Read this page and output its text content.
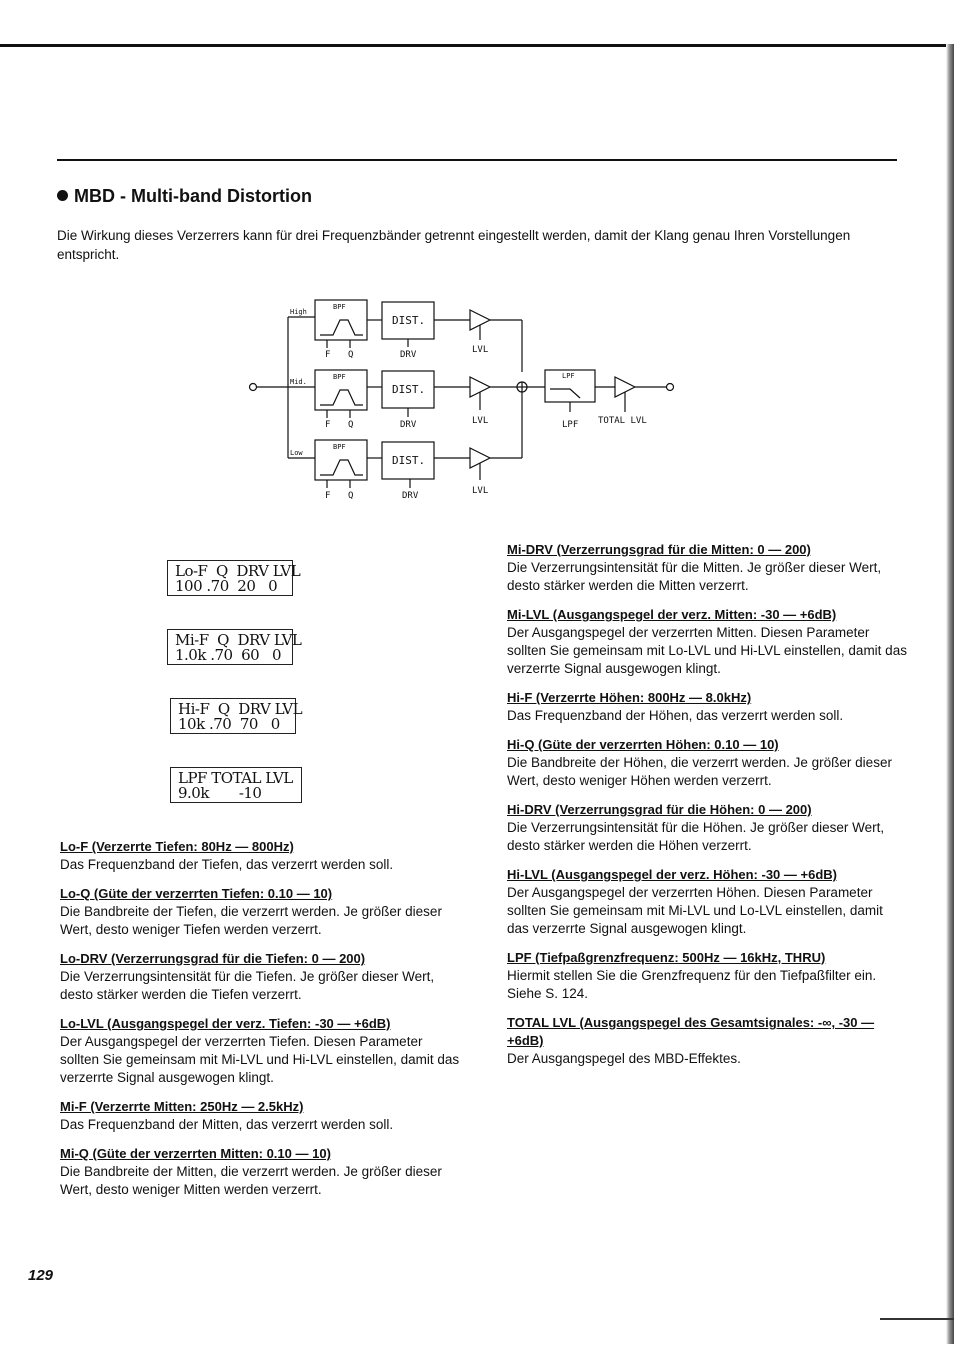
MBD - Multi-band Distortion
Die Wirkung dieses Verzerrers kann für drei Frequenzbänder getrennt eingestellt werden, damit der Klang genau Ihren Vorstellungen entspricht.
High
Mid.
Low
BPF
DIST.
F Q	DRV	LVL
BPF
DIST.
F Q	DRV	LVL
BPF
DIST.
F Q	DRV	LVL
LPF
LPF TOTAL LVL
Lo-F  Q  DRV LVL
100 .70  20   0
Mi-F  Q  DRV LVL
1.0k .70  60   0
Hi-F  Q  DRV LVL
10k .70  70   0
LPF TOTAL LVL
9.0k       -10
Lo-F (Verzerrte Tiefen: 80Hz — 800Hz)
Das Frequenzband der Tiefen, das verzerrt werden soll.
Lo-Q (Güte der verzerrten Tiefen: 0.10 — 10)
Die Bandbreite der Tiefen, die verzerrt werden. Je größer dieser Wert, desto weniger Tiefen werden verzerrt.
Lo-DRV (Verzerrungsgrad für die Tiefen: 0 — 200)
Die Verzerrungsintensität für die Tiefen. Je größer dieser Wert, desto stärker werden die Tiefen verzerrt.
Lo-LVL (Ausgangspegel der verz. Tiefen: -30 — +6dB)
Der Ausgangspegel der verzerrten Tiefen. Diesen Parameter sollten Sie gemeinsam mit Mi-LVL und Hi-LVL einstellen, damit das verzerrte Signal ausgewogen klingt.
Mi-F (Verzerrte Mitten: 250Hz — 2.5kHz)
Das Frequenzband der Mitten, das verzerrt werden soll.
Mi-Q (Güte der verzerrten Mitten: 0.10 — 10)
Die Bandbreite der Mitten, die verzerrt werden. Je größer dieser Wert, desto weniger Mitten werden verzerrt.
Mi-DRV (Verzerrungsgrad für die Mitten: 0 — 200)
Die Verzerrungsintensität für die Mitten. Je größer dieser Wert, desto stärker werden die Mitten verzerrt.
Mi-LVL (Ausgangspegel der verz. Mitten: -30 — +6dB)
Der Ausgangspegel der verzerrten Mitten. Diesen Parameter sollten Sie gemeinsam mit Lo-LVL und Hi-LVL einstellen, damit das verzerrte Signal ausgewogen klingt.
Hi-F (Verzerrte Höhen: 800Hz — 8.0kHz)
Das Frequenzband der Höhen, das verzerrt werden soll.
Hi-Q (Güte der verzerrten Höhen: 0.10 — 10)
Die Bandbreite der Höhen, die verzerrt werden. Je größer dieser Wert, desto weniger Höhen werden verzerrt.
Hi-DRV (Verzerrungsgrad für die Höhen: 0 — 200)
Die Verzerrungsintensität für die Höhen. Je größer dieser Wert, desto stärker werden die Höhen verzerrt.
Hi-LVL (Ausgangspegel der verz. Höhen: -30 — +6dB)
Der Ausgangspegel der verzerrten Höhen. Diesen Parameter sollten Sie gemeinsam mit Mi-LVL und Lo-LVL einstellen, damit das verzerrte Signal ausgewogen klingt.
LPF (Tiefpaßgrenzfrequenz: 500Hz — 16kHz, THRU)
Hiermit stellen Sie die Grenzfrequenz für den Tiefpaßfilter ein. Siehe S. 124.
TOTAL LVL (Ausgangspegel des Gesamtsignales: -∞, -30 — +6dB)
Der Ausgangspegel des MBD-Effektes.
129
